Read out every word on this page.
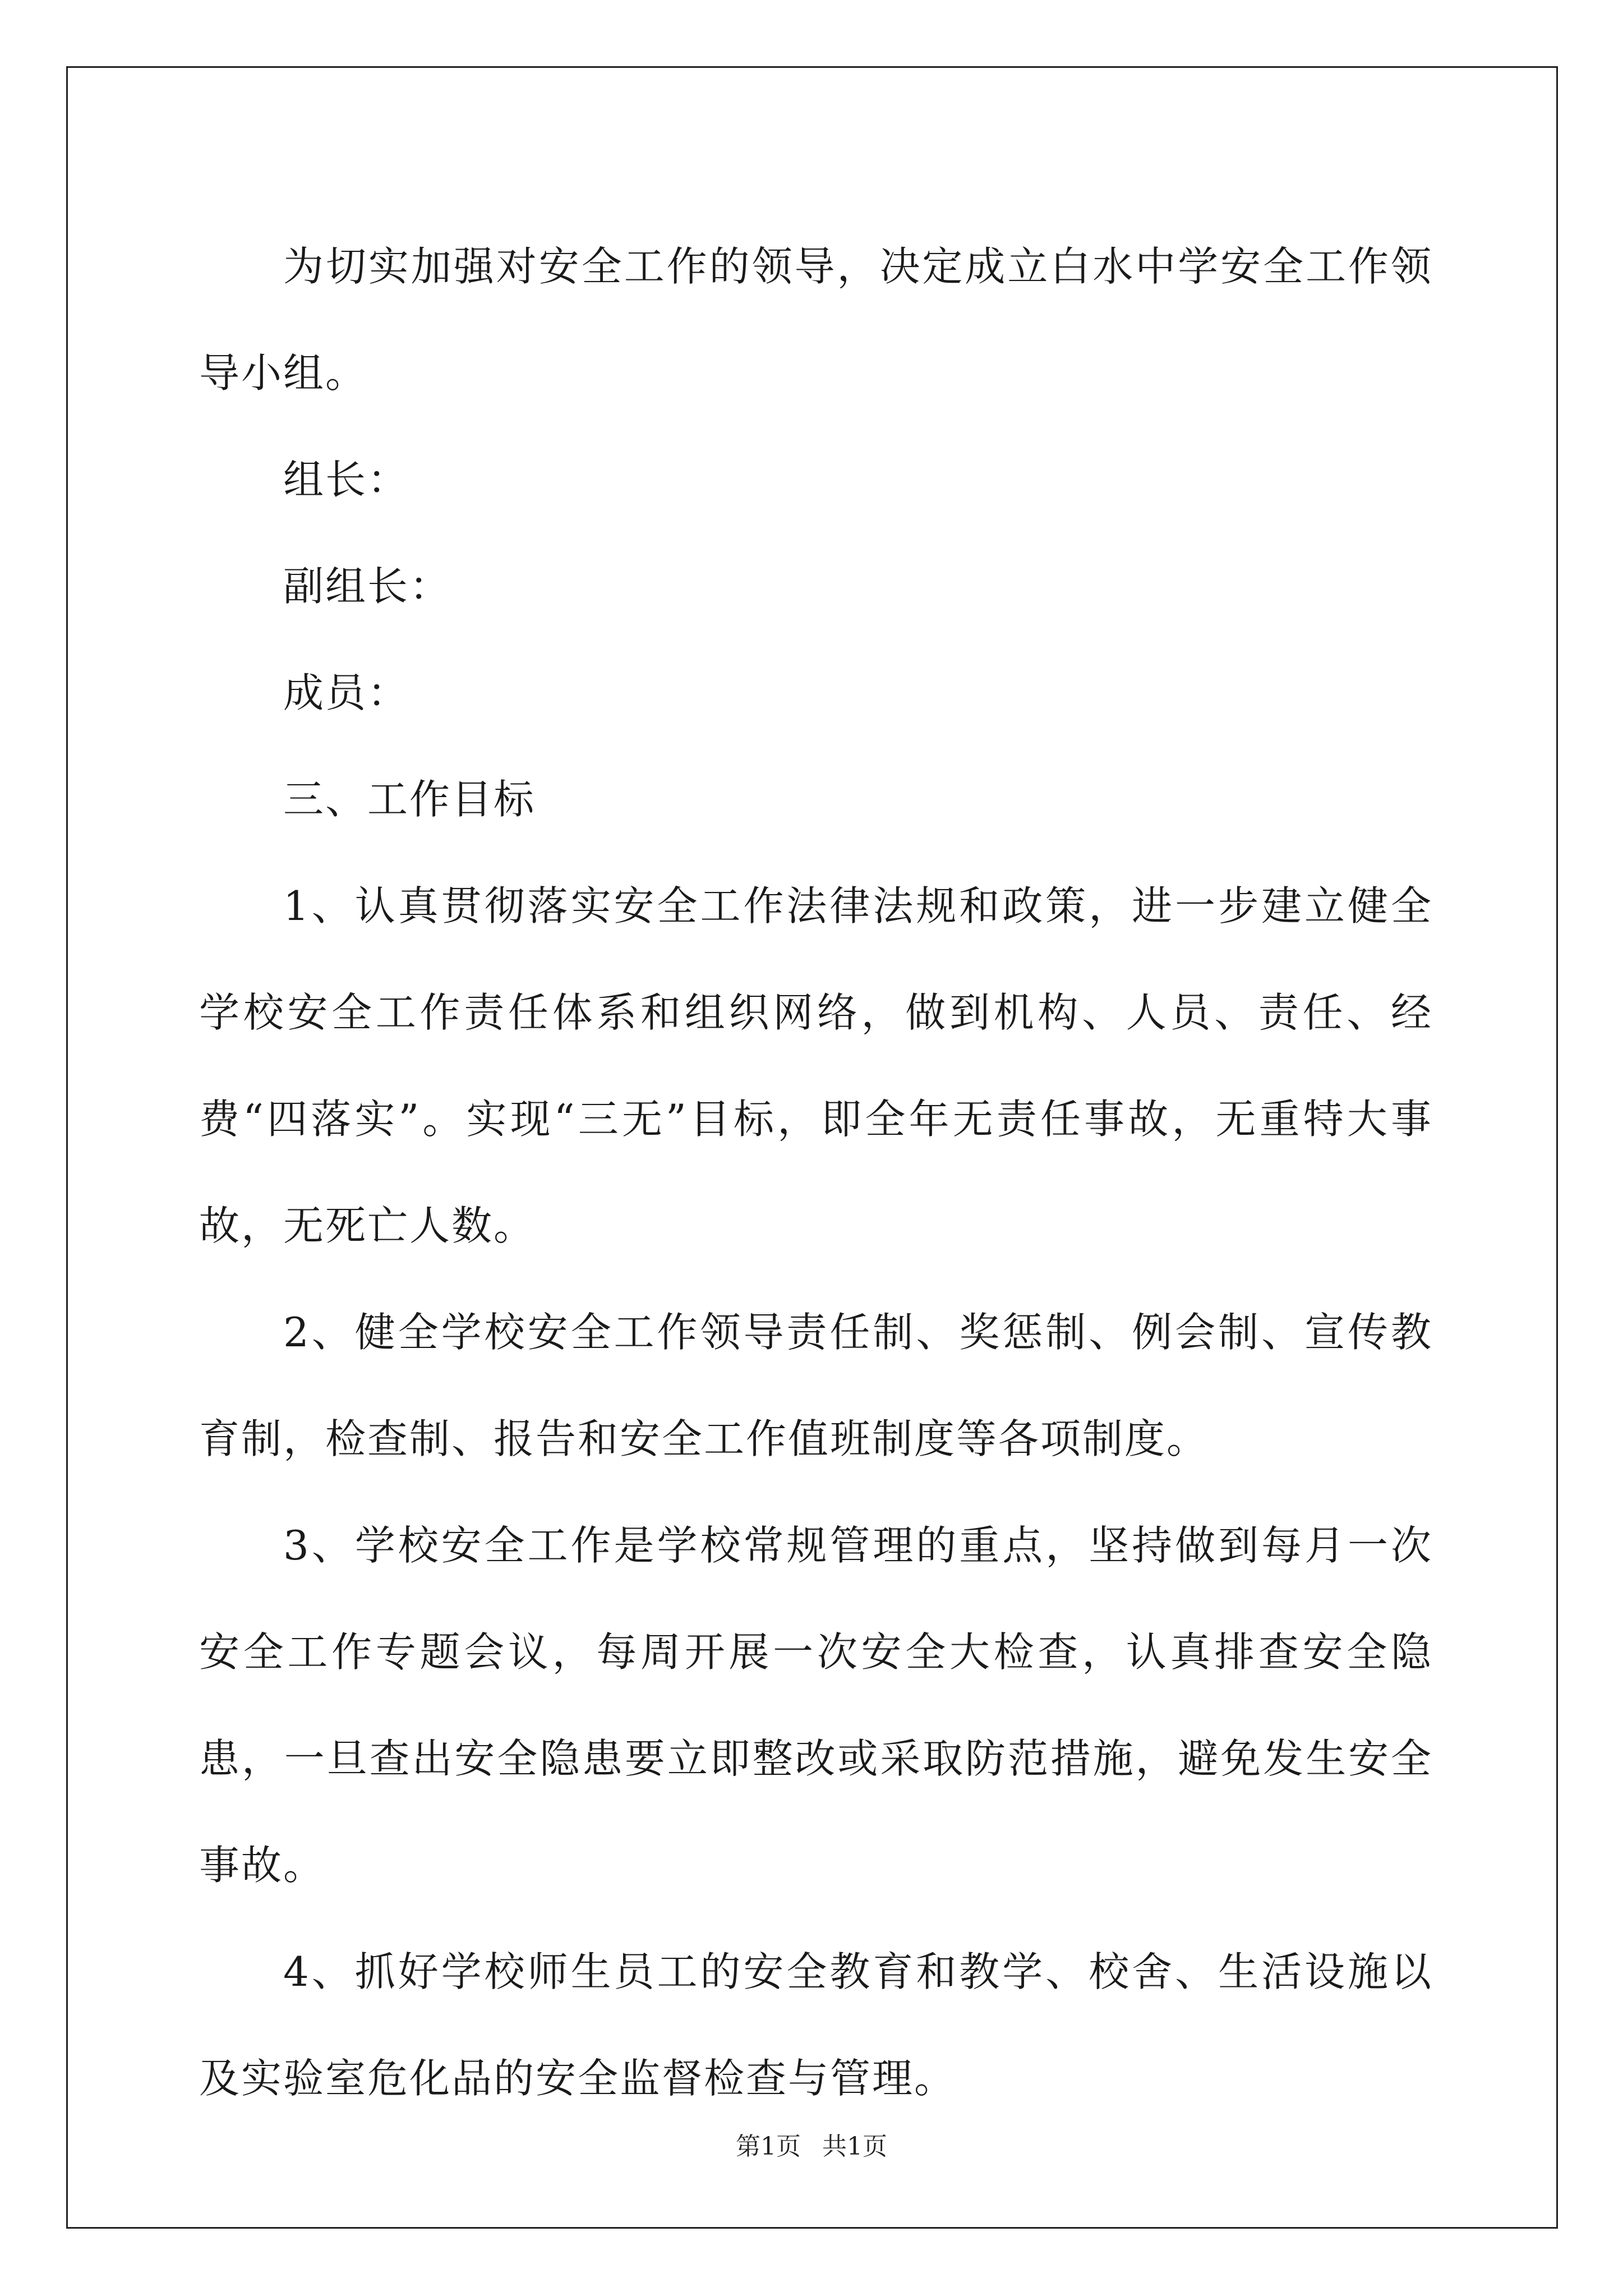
为切实加强对安全工作的领导，决定成立白水中学安全工作领导小组。

组长：

副组长：

成员：

三、工作目标

1、认真贯彻落实安全工作法律法规和政策，进一步建立健全学校安全工作责任体系和组织网络，做到机构、人员、责任、经费“四落实”。实现“三无”目标，即全年无责任事故，无重特大事故，无死亡人数。

2、健全学校安全工作领导责任制、奖惩制、例会制、宣传教育制，检查制、报告和安全工作值班制度等各项制度。

3、学校安全工作是学校常规管理的重点，坚持做到每月一次安全工作专题会议，每周开展一次安全大检查，认真排查安全隐患，一旦查出安全隐患要立即整改或采取防范措施，避免发生安全事故。

4、抓好学校师生员工的安全教育和教学、校舍、生活设施以及实验室危化品的安全监督检查与管理。

第1页 共1页
